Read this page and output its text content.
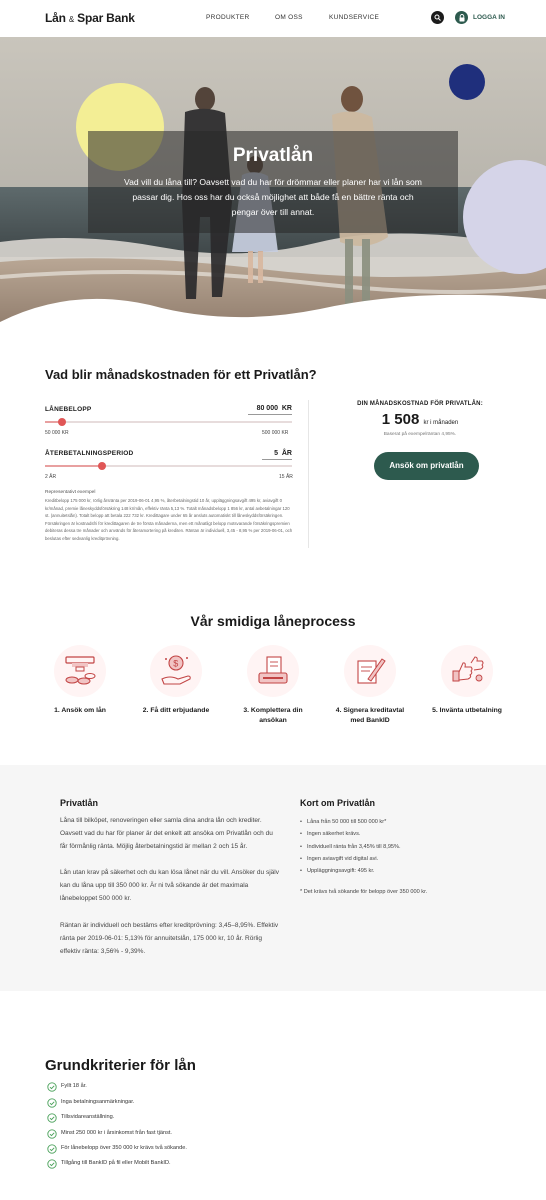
Lån & Spar Bank	PRODUKTER	OM OSS	KUNDSERVICE	LOGGA IN
Privatlån
Vad vill du låna till? Oavsett vad du har för drömmar eller planer har vi lån som passar dig. Hos oss har du också möjlighet att både få en bättre ränta och pengar över till annat.
Vad blir månadskostnaden för ett Privatlån?
LÅNEBELOPP	80 000 KR
50 000 KR	500 000 KR
ÅTERBETALNINGSPERIOD	5 ÅR
2 ÅR	15 ÅR
Representativt exempel
Kreditbelopp 175 000 kr, rörlig årsränta per 2019-06-01 4,95 %, återbetalningstid 10 år, uppläggningsavgift 495 kr, aviavgift 0 kr/månad, premie låneskyddsförsäkring 148 kr/mån, effektiv ränta 5,13 %. Totalt månadsbelopp 1 856 kr, antal avbetalningar 120 st. (annuitetslån). Totalt belopp att betala 222 732 kr. Kredittagare under 65 år ansluts automatiskt till låneskyddsförsäkringen. Försäkringen är kostnadsfri för kredittagaren de tre första månaderna, men ett månatligt belopp motsvarande försäkringspremien debiteras dessa tre månader och används för återamortering på krediten. Räntan är individuell, 3,45 - 8,95 % per 2019-06-01, och beslutas efter sedvanlig kreditprövning.
DIN MÅNADSKOSTNAD FÖR PRIVATLÅN:
1 508 kr i månaden
Baserat på exempelräntan 4,95%.
Ansök om privatlån
Vår smidiga låneprocess
1. Ansök om lån
$
2. Få ditt erbjudande	3. Komplettera din
ansökan
4. Signera kreditavtal
med BankID
5. Invänta utbetalning
Privatlån
Låna till bilköpet, renoveringen eller samla dina andra lån och krediter. Oavsett vad du har för planer är det enkelt att ansöka om Privatlån och du får förmånlig ränta. Möjlig återbetalningstid är mellan 2 och 15 år.
Lån utan krav på säkerhet och du kan lösa lånet när du vill. Ansöker du själv kan du låna upp till 350 000 kr. Är ni två sökande är det maximala lånebeloppet 500 000 kr.
Räntan är individuell och bestäms efter kreditprövning: 3,45–8,95%. Effektiv ränta per 2019-06-01: 5,13% för annuitetslån, 175 000 kr, 10 år. Rörlig effektiv ränta: 3,56% - 9,39%.
Kort om Privatlån
• Låna från 50 000 till 500 000 kr*
• Ingen säkerhet krävs.
• Individuell ränta från 3,45% till 8,95%.
• Ingen aviavgift vid digital avi.
• Uppläggningsavgift: 495 kr.
* Det krävs två sökande för belopp över 350 000 kr.
Grundkriterier för lån
Fyllt 18 år.
Inga betalningsanmärkningar.
Tillsvidareanställning.
Minst 250 000 kr i årsinkomst från fast tjänst.
För lånebelopp över 350 000 kr krävs två sökande.
Tillgång till BankID på fil eller Mobilt BankID.
